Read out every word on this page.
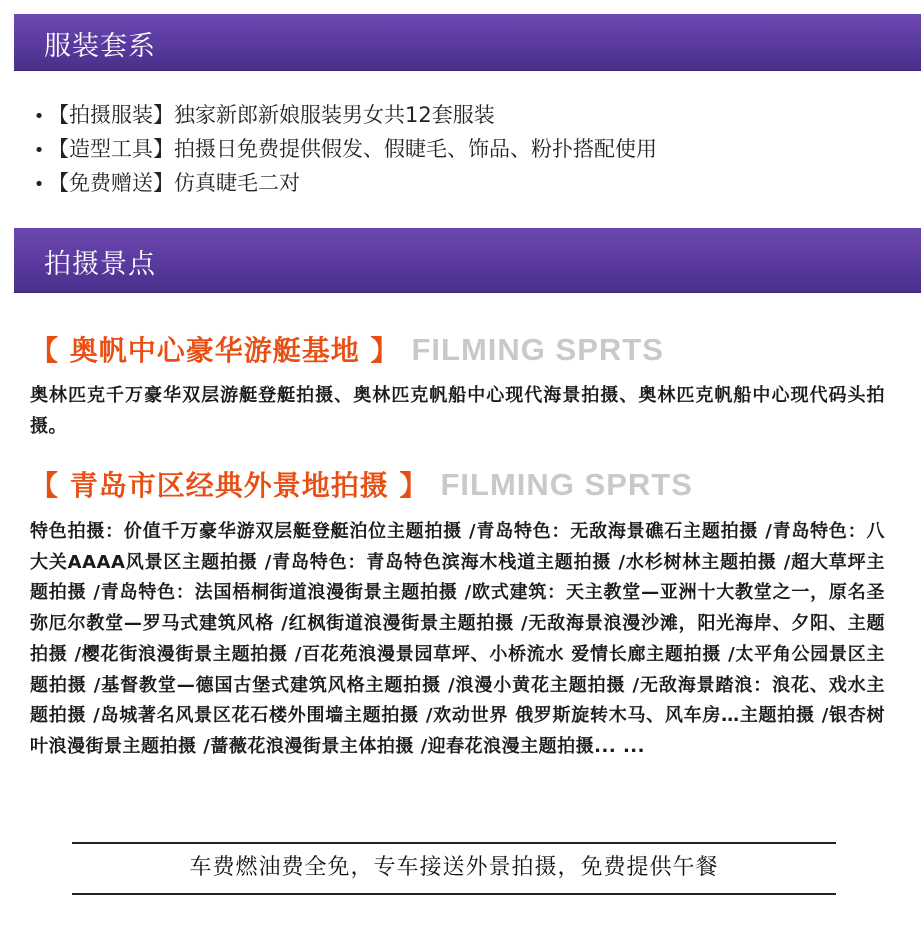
服装套系
• 【拍摄服装】独家新郎新娘服装男女共12套服装
• 【造型工具】拍摄日免费提供假发、假睫毛、饰品、粉扑搭配使用
• 【免费赠送】仿真睫毛二对
拍摄景点
【 奥帆中心豪华游艇基地 】 FILMING SPRTS

奥林匹克千万豪华双层游艇登艇拍摄、奥林匹克帆船中心现代海景拍摄、奥林匹克帆船中心现代码头拍摄。

【 青岛市区经典外景地拍摄 】 FILMING SPRTS

特色拍摄：价值千万豪华游双层艇登艇泊位主题拍摄 /青岛特色：无敌海景礁石主题拍摄 /青岛特色：八大关AAAA风景区主题拍摄 /青岛特色：青岛特色滨海木栈道主题拍摄 /水杉树林主题拍摄 /超大草坪主题拍摄 /青岛特色：法国梧桐街道浪漫街景主题拍摄 /欧式建筑：天主教堂—亚洲十大教堂之一，原名圣弥厄尔教堂—罗马式建筑风格 /红枫街道浪漫街景主题拍摄 /无敌海景浪漫沙滩，阳光海岸、夕阳、主题拍摄 /樱花街浪漫街景主题拍摄 /百花苑浪漫景园草坪、小桥流水 爱情长廊主题拍摄 /太平角公园景区主题拍摄 /基督教堂—德国古堡式建筑风格主题拍摄 /浪漫小黄花主题拍摄 /无敌海景踏浪：浪花、戏水主题拍摄 /岛城著名风景区花石楼外围墙主题拍摄 /欢动世界 俄罗斯旋转木马、风车房…主题拍摄 /银杏树叶浪漫街景主题拍摄 /蔷薇花浪漫街景主体拍摄 /迎春花浪漫主题拍摄... ...

车费燃油费全免，专车接送外景拍摄，免费提供午餐
